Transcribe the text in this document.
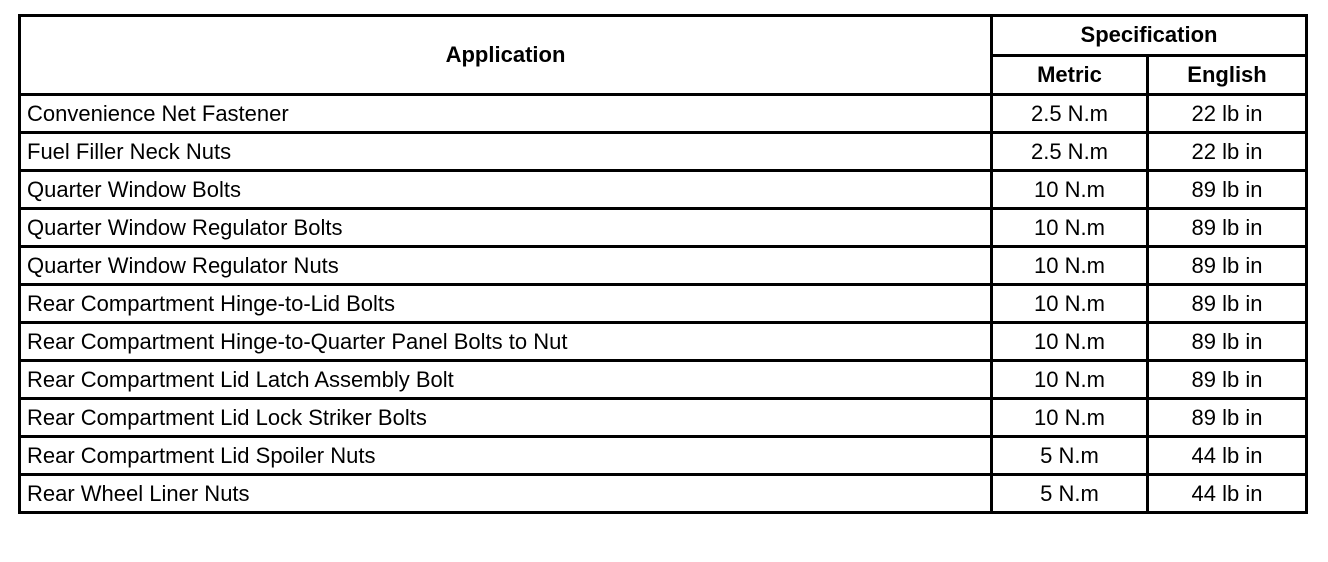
Application	Specification	
	Metric	English
Convenience Net Fastener	2.5 N.m	22 lb in
Fuel Filler Neck Nuts	2.5 N.m	22 lb in
Quarter Window Bolts	10 N.m	89 lb in
Quarter Window Regulator Bolts	10 N.m	89 lb in
Quarter Window Regulator Nuts	10 N.m	89 lb in
Rear Compartment Hinge-to-Lid Bolts	10 N.m	89 lb in
Rear Compartment Hinge-to-Quarter Panel Bolts to Nut	10 N.m	89 lb in
Rear Compartment Lid Latch Assembly Bolt	10 N.m	89 lb in
Rear Compartment Lid Lock Striker Bolts	10 N.m	89 lb in
Rear Compartment Lid Spoiler Nuts	5 N.m	44 lb in
Rear Wheel Liner Nuts	5 N.m	44 lb in
